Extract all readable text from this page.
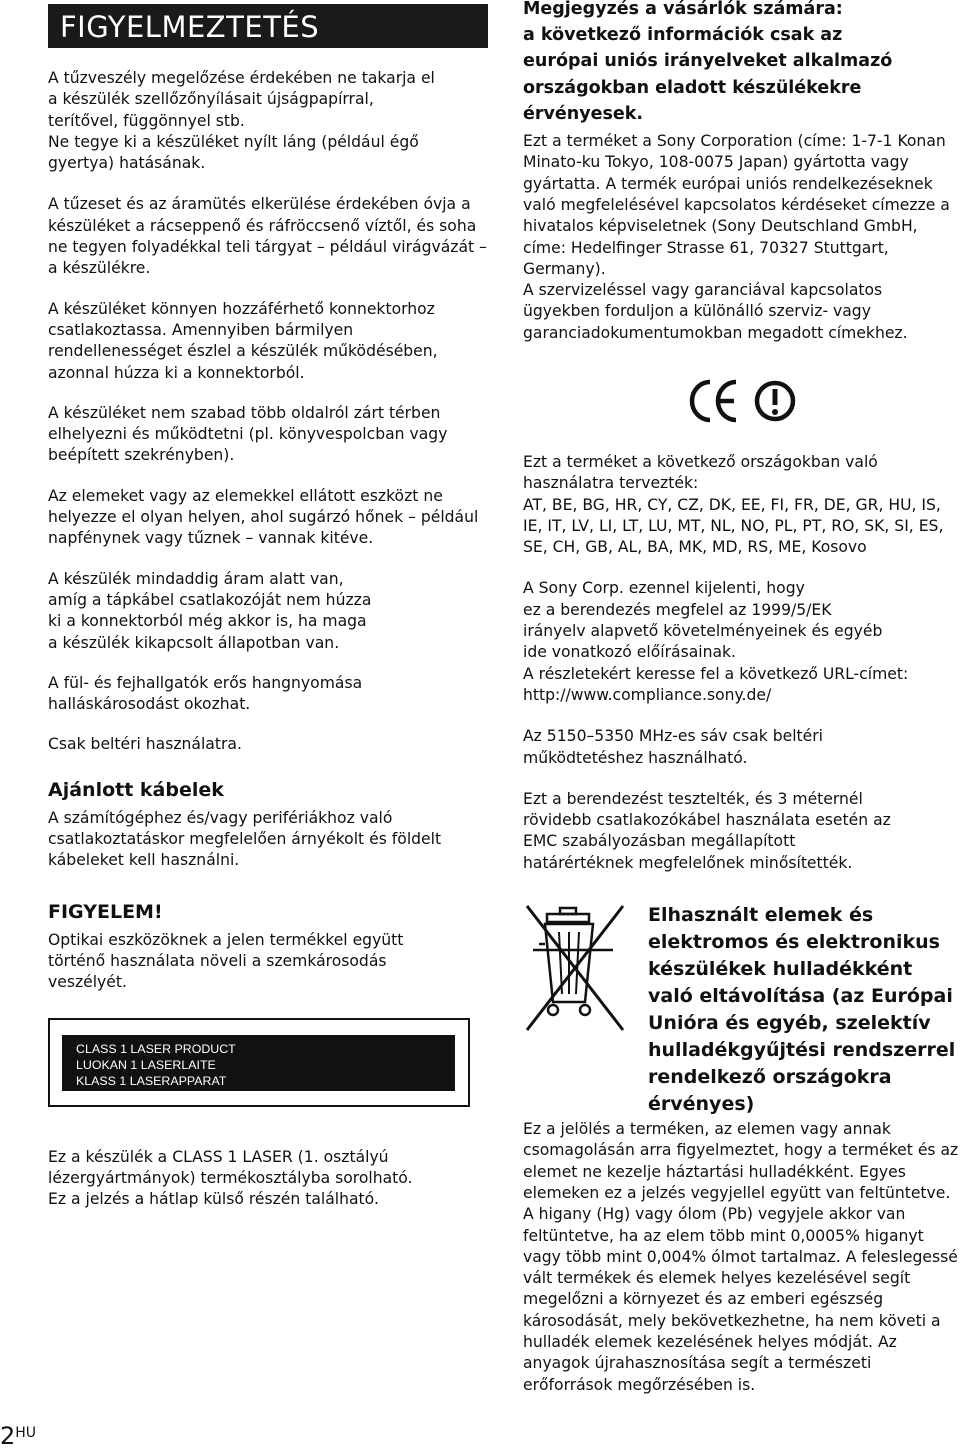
FIGYELMEZTETÉS

A tűzveszély megelőzése érdekében ne takarja el a készülék szellőzőnyílásait újságpapírral, terítővel, függönnyel stb.
Ne tegye ki a készüléket nyílt láng (például égő gyertya) hatásának.

A tűzeset és az áramütés elkerülése érdekében óvja a készüléket a rácseppenő és ráfröccsenő víztől, és soha ne tegyen folyadékkal teli tárgyat – például virágvázát – a készülékre.

A készüléket könnyen hozzáférhető konnektorhoz csatlakoztassa. Amennyiben bármilyen rendellenességet észlel a készülék működésében, azonnal húzza ki a konnektorból.

A készüléket nem szabad több oldalról zárt térben elhelyezni és működtetni (pl. könyvespolcban vagy beépített szekrényben).

Az elemeket vagy az elemekkel ellátott eszközt ne helyezze el olyan helyen, ahol sugárzó hőnek – például napfénynek vagy tűznek – vannak kitéve.

A készülék mindaddig áram alatt van,
amíg a tápkábel csatlakozóját nem húzza
ki a konnektorból még akkor is, ha maga
a készülék kikapcsolt állapotban van.

A fül- és fejhallgatók erős hangnyomása halláskárosodást okozhat.

Csak beltéri használatra.

Ajánlott kábelek

A számítógéphez és/vagy perifériákhoz való csatlakoztatáskor megfelelően árnyékolt és földelt kábeleket kell használni.

FIGYELEM!

Optikai eszközöknek a jelen termékkel együtt történő használata növeli a szemkárosodás veszélyét.

CLASS 1 LASER PRODUCT
LUOKAN 1 LASERLAITE
KLASS 1 LASERAPPARAT

Ez a készülék a CLASS 1 LASER (1. osztályú lézergyártmányok) termékosztályba sorolható.
Ez a jelzés a hátlap külső részén található.

Megjegyzés a vásárlók számára:
a következő információk csak az
európai uniós irányelveket alkalmazó
országokban eladott készülékekre
érvényesek.

Ezt a terméket a Sony Corporation (címe: 1-7-1 Konan Minato-ku Tokyo, 108-0075 Japan) gyártotta vagy gyártatta. A termék európai uniós rendelkezéseknek való megfelelésével kapcsolatos kérdéseket címezze a hivatalos képviseletnek (Sony Deutschland GmbH, címe: Hedelfinger Strasse 61, 70327 Stuttgart, Germany).
A szervizeléssel vagy garanciával kapcsolatos ügyekben forduljon a különálló szerviz- vagy garanciadokumentumokban megadott címekhez.

Ezt a terméket a következő országokban való használatra tervezték:
AT, BE, BG, HR, CY, CZ, DK, EE, FI, FR, DE, GR, HU, IS, IE, IT, LV, LI, LT, LU, MT, NL, NO, PL, PT, RO, SK, SI, ES, SE, CH, GB, AL, BA, MK, MD, RS, ME, Kosovo

A Sony Corp. ezennel kijelenti, hogy
ez a berendezés megfelel az 1999/5/EK
irányelv alapvető követelményeinek és egyéb
ide vonatkozó előírásainak.
A részletekért keresse fel a következő URL-címet:
http://www.compliance.sony.de/

Az 5150–5350 MHz-es sáv csak beltéri működtetéshez használható.

Ezt a berendezést tesztelték, és 3 méternél rövidebb csatlakozókábel használata esetén az EMC szabályozásban megállapított határértéknek megfelelőnek minősítették.

Elhasznált elemek és elektromos és elektronikus készülékek hulladékként való eltávolítása (az Európai Unióra és egyéb, szelektív hulladékgyűjtési rendszerrel rendelkező országokra érvényes)

Ez a jelölés a terméken, az elemen vagy annak csomagolásán arra figyelmeztet, hogy a terméket és az elemet ne kezelje háztartási hulladékként. Egyes elemeken ez a jelzés vegyjellel együtt van feltüntetve. A higany (Hg) vagy ólom (Pb) vegyjele akkor van feltüntetve, ha az elem több mint 0,0005% higanyt vagy több mint 0,004% ólmot tartalmaz. A feleslegessé vált termékek és elemek helyes kezelésével segít megelőzni a környezet és az emberi egészség károsodását, mely bekövetkezhetne, ha nem követi a hulladék elemek kezelésének helyes módját. Az anyagok újrahasznosítása segít a természeti erőforrások megőrzésében is.

$2^{HU}$
